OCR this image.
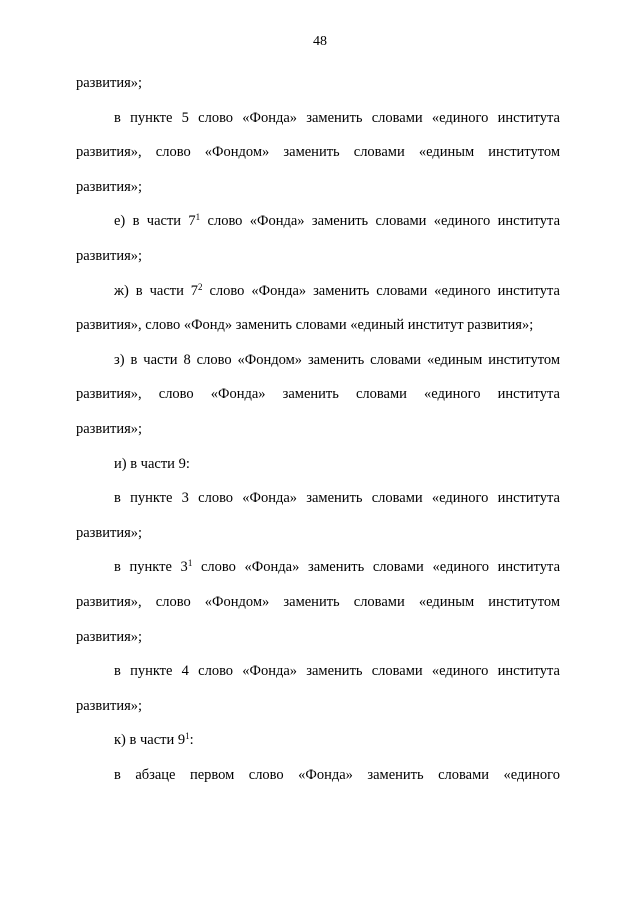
48
развития»;
в пункте 5 слово «Фонда» заменить словами «единого института
развития», слово «Фондом» заменить словами «единым институтом
развития»;
е) в части $7^1$ слово «Фонда» заменить словами «единого института
развития»;
ж) в части $7^2$ слово «Фонда» заменить словами «единого института
развития», слово «Фонд» заменить словами «единый институт развития»;
з) в части 8 слово «Фондом» заменить словами «единым институтом
развития», слово «Фонда» заменить словами «единого института
развития»;
и) в части 9:
в пункте 3 слово «Фонда» заменить словами «единого института
развития»;
в пункте $3^1$ слово «Фонда» заменить словами «единого института
развития», слово «Фондом» заменить словами «единым институтом
развития»;
в пункте 4 слово «Фонда» заменить словами «единого института
развития»;
к) в части $9^1$:
в абзаце первом слово «Фонда» заменить словами «единого
